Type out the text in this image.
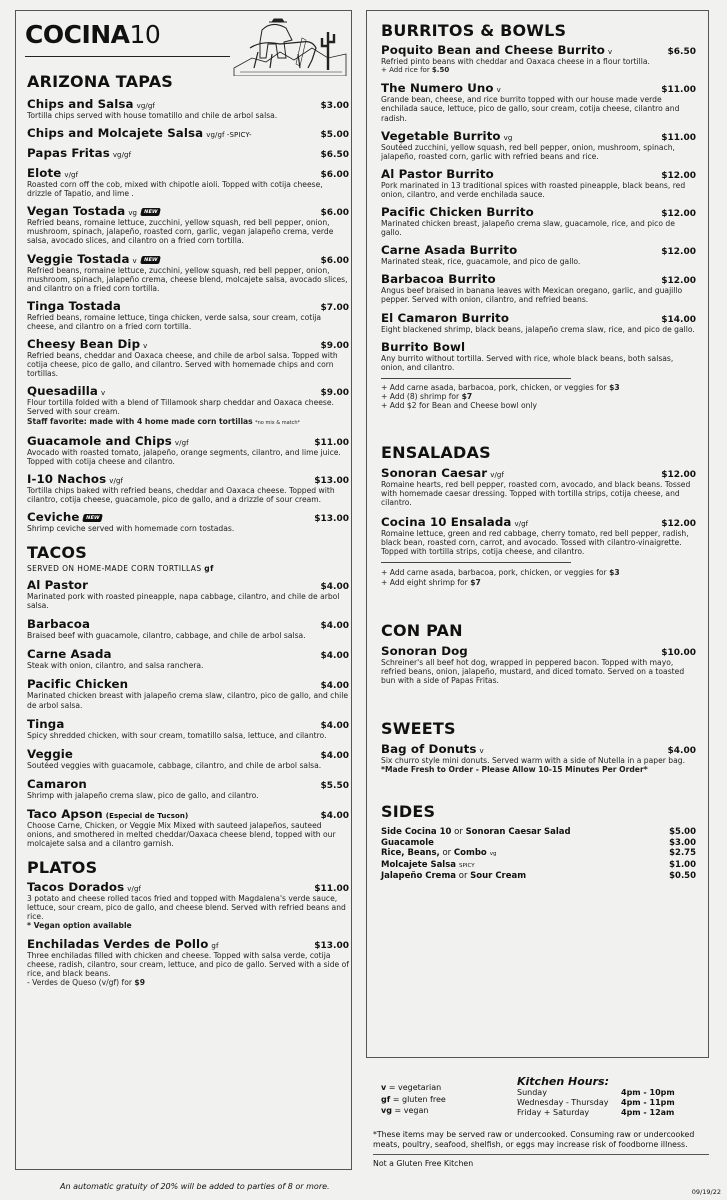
COCINA10
ARIZONA TAPAS
Chips and Salsa vg/gf	$3.00
Tortilla chips served with house tomatillo and chile de arbol salsa.
Chips and Molcajete Salsa vg/gf -SPICY-	$5.00
Papas Fritas vg/gf	$6.50
Elote v/gf	$6.00
Roasted corn off the cob, mixed with chipotle aioli. Topped with cotija cheese, drizzle of Tapatio, and lime .
Vegan Tostada vg NEW	$6.00
Refried beans, romaine lettuce, zucchini, yellow squash, red bell pepper, onion, mushroom, spinach, jalapeño, roasted corn, garlic, vegan jalapeño crema, verde salsa, avocado slices, and cilantro on a fried corn tortilla.
Veggie Tostada v NEW	$6.00
Refried beans, romaine lettuce, zucchini, yellow squash, red bell pepper, onion, mushroom, spinach, jalapeño crema, cheese blend, molcajete salsa, avocado slices, and cilantro on a fried corn tortilla.
Tinga Tostada	$7.00
Refried beans, romaine lettuce, tinga chicken, verde salsa, sour cream, cotija cheese, and cilantro on a fried corn tortilla.
Cheesy Bean Dip v	$9.00
Refried beans, cheddar and Oaxaca cheese, and chile de arbol salsa. Topped with cotija cheese, pico de gallo, and cilantro. Served with homemade chips and corn tortillas.
Quesadilla v	$9.00
Flour tortilla folded with a blend of Tillamook sharp cheddar and Oaxaca cheese. Served with sour cream.
Staff favorite: made with 4 home made corn tortillas *no mix & match*
Guacamole and Chips v/gf	$11.00
Avocado with roasted tomato, jalapeño, orange segments, cilantro, and lime juice. Topped with cotija cheese and cilantro.
I-10 Nachos v/gf	$13.00
Tortilla chips baked with refried beans, cheddar and Oaxaca cheese. Topped with cilantro, cotija cheese, guacamole, pico de gallo, and a drizzle of sour cream.
Ceviche NEW	$13.00
Shrimp ceviche served with homemade corn tostadas.
TACOS
SERVED ON HOME-MADE CORN TORTILLAS gf
Al Pastor	$4.00
Marinated pork with roasted pineapple, napa cabbage, cilantro, and chile de arbol salsa.
Barbacoa	$4.00
Braised beef with guacamole, cilantro, cabbage, and chile de arbol salsa.
Carne Asada	$4.00
Steak with onion, cilantro, and salsa ranchera.
Pacific Chicken	$4.00
Marinated chicken breast with jalapeño crema slaw, cilantro, pico de gallo, and chile de arbol salsa.
Tinga	$4.00
Spicy shredded chicken, with sour cream, tomatillo salsa, lettuce, and cilantro.
Veggie	$4.00
Soutéed veggies with guacamole, cabbage, cilantro, and chile de arbol salsa.
Camaron	$5.50
Shrimp with jalapeño crema slaw, pico de gallo, and cilantro.
Taco Apson (Especial de Tucson)	$4.00
Choose Carne, Chicken, or Veggie Mix Mixed with sauteed jalapeños, sauteed onions, and smothered in melted cheddar/Oaxaca cheese blend, topped with our molcajete salsa and a cilantro garnish.
PLATOS
Tacos Dorados v/gf	$11.00
3 potato and cheese rolled tacos fried and topped with Magdalena's verde sauce, lettuce, sour cream, pico de gallo, and cheese blend. Served with refried beans and rice.
* Vegan option available
Enchiladas Verdes de Pollo gf	$13.00
Three enchiladas filled with chicken and cheese. Topped with salsa verde, cotija cheese, radish, cilantro, sour cream, lettuce, and pico de gallo. Served with a side of rice, and black beans.
- Verdes de Queso (v/gf) for $9
An automatic gratuity of 20% will be added to parties of 8 or more.
BURRITOS & BOWLS
Poquito Bean and Cheese Burrito v	$6.50
Refried pinto beans with cheddar and Oaxaca cheese in a flour tortilla.
+ Add rice for $.50
The Numero Uno v	$11.00
Grande bean, cheese, and rice burrito topped with our house made verde enchilada sauce, lettuce, pico de gallo, sour cream, cotija cheese, cilantro and radish.
Vegetable Burrito vg	$11.00
Soutéed zucchini, yellow squash, red bell pepper, onion, mushroom, spinach, jalapeño, roasted corn, garlic with refried beans and rice.
Al Pastor Burrito	$12.00
Pork marinated in 13 traditional spices with roasted pineapple, black beans, red onion, cilantro, and verde enchilada sauce.
Pacific Chicken Burrito	$12.00
Marinated chicken breast, jalapeño crema slaw, guacamole, rice, and pico de gallo.
Carne Asada Burrito	$12.00
Marinated steak, rice, guacamole, and pico de gallo.
Barbacoa Burrito	$12.00
Angus beef braised in banana leaves with Mexican oregano, garlic, and guajillo pepper. Served with onion, cilantro, and refried beans.
El Camaron Burrito	$14.00
Eight blackened shrimp, black beans, jalapeño crema slaw, rice, and pico de gallo.
Burrito Bowl
Any burrito without tortilla. Served with rice, whole black beans, both salsas, onion, and cilantro.
+ Add carne asada, barbacoa, pork, chicken, or veggies for $3
+ Add (8) shrimp for $7
+ Add $2 for Bean and Cheese bowl only
ENSALADAS
Sonoran Caesar v/gf	$12.00
Romaine hearts, red bell pepper, roasted corn, avocado, and black beans. Tossed with homemade caesar dressing. Topped with tortilla strips, cotija cheese, and cilantro.
Cocina 10 Ensalada v/gf	$12.00
Romaine lettuce, green and red cabbage, cherry tomato, red bell pepper, radish, black bean, roasted corn, carrot, and avocado. Tossed with cilantro-vinaigrette. Topped with tortilla strips, cotija cheese, and cilantro.
+ Add carne asada, barbacoa, pork, chicken, or veggies for $3
+ Add eight shrimp for $7
CON PAN
Sonoran Dog	$10.00
Schreiner's all beef hot dog, wrapped in peppered bacon. Topped with mayo, refried beans, onion, jalapeño, mustard, and diced tomato. Served on a toasted bun with a side of Papas Fritas.
SWEETS
Bag of Donuts v	$4.00
Six churro style mini donuts. Served warm with a side of Nutella in a paper bag.
*Made Fresh to Order - Please Allow 10-15 Minutes Per Order*
SIDES
Side Cocina 10 or Sonoran Caesar Salad	$5.00
Guacamole	$3.00
Rice, Beans, or Combo vg	$2.75
Molcajete Salsa SPICY	$1.00
Jalapeño Crema or Sour Cream	$0.50
v = vegetarian
gf = gluten free
vg = vegan
Kitchen Hours:
Sunday	4pm - 10pm
Wednesday - Thursday	4pm - 11pm
Friday + Saturday	4pm - 12am
*These items may be served raw or undercooked. Consuming raw or undercooked meats, poultry, seafood, shelfish, or eggs may increase risk of foodborne illness.
Not a Gluten Free Kitchen
09/19/22
